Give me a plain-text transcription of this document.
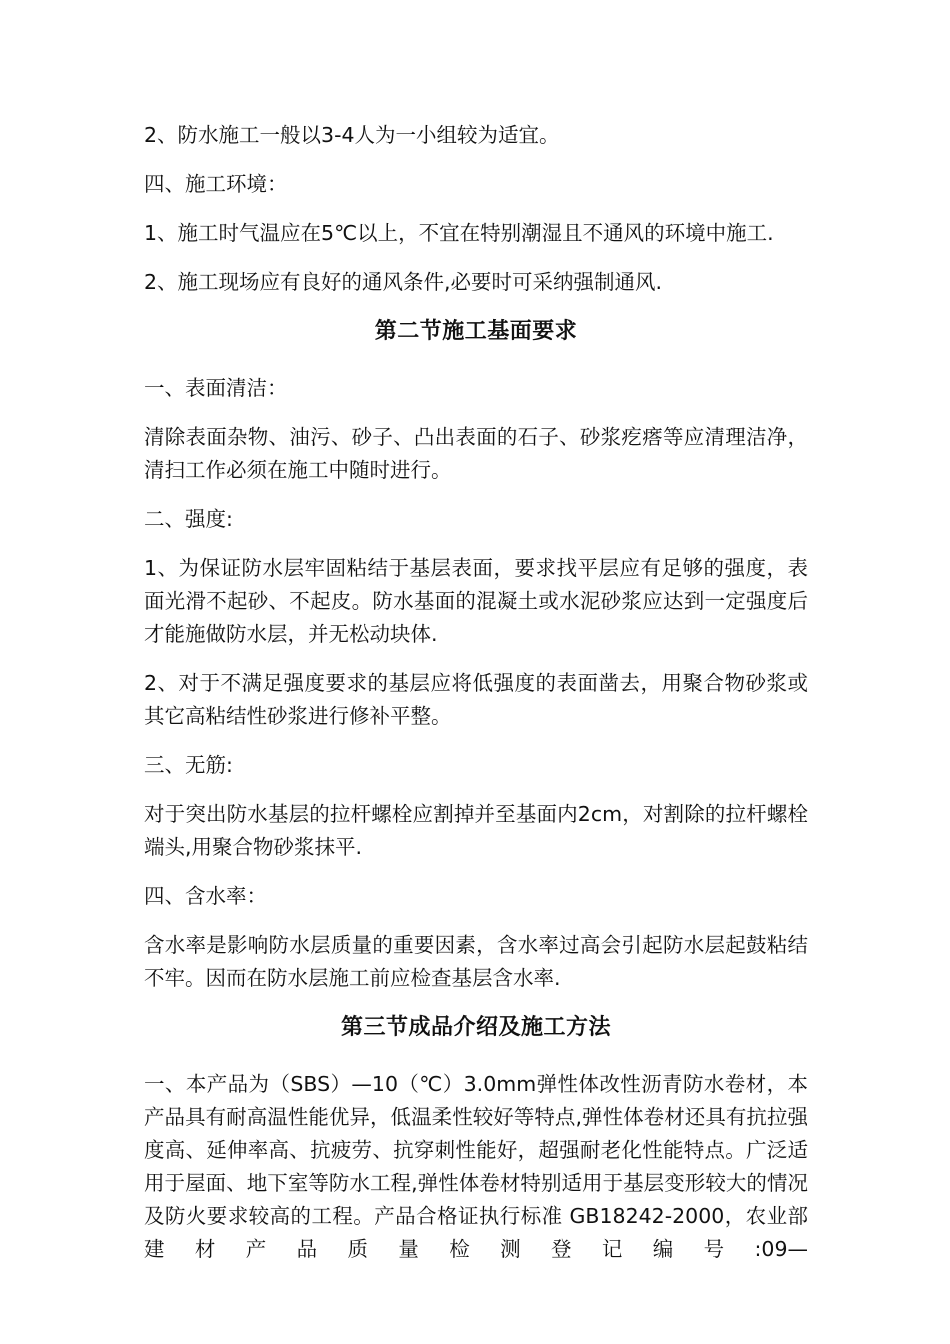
2、防水施工一般以3-4人为一小组较为适宜。

四、施工环境：

1、施工时气温应在5℃以上，不宜在特别潮湿且不通风的环境中施工.

2、施工现场应有良好的通风条件,必要时可采纳强制通风.

第二节施工基面要求

一、表面清洁：

清除表面杂物、油污、砂子、凸出表面的石子、砂浆疙瘩等应清理洁净，清扫工作必须在施工中随时进行。

二、强度:

1、为保证防水层牢固粘结于基层表面，要求找平层应有足够的强度，表面光滑不起砂、不起皮。防水基面的混凝土或水泥砂浆应达到一定强度后才能施做防水层，并无松动块体.

2、对于不满足强度要求的基层应将低强度的表面凿去，用聚合物砂浆或其它高粘结性砂浆进行修补平整。

三、无筋:

对于突出防水基层的拉杆螺栓应割掉并至基面内2cm，对割除的拉杆螺栓端头,用聚合物砂浆抹平.

四、含水率：

含水率是影响防水层质量的重要因素，含水率过高会引起防水层起鼓粘结不牢。因而在防水层施工前应检查基层含水率.

第三节成品介绍及施工方法

一、本产品为（SBS）—10（℃）3.0mm弹性体改性沥青防水卷材，本产品具有耐高温性能优异，低温柔性较好等特点,弹性体卷材还具有抗拉强度高、延伸率高、抗疲劳、抗穿刺性能好，超强耐老化性能特点。广泛适用于屋面、地下室等防水工程,弹性体卷材特别适用于基层变形较大的情况及防火要求较高的工程。产品合格证执行标准 GB18242-2000，农业部建材产品质量检测登记编号:09—
